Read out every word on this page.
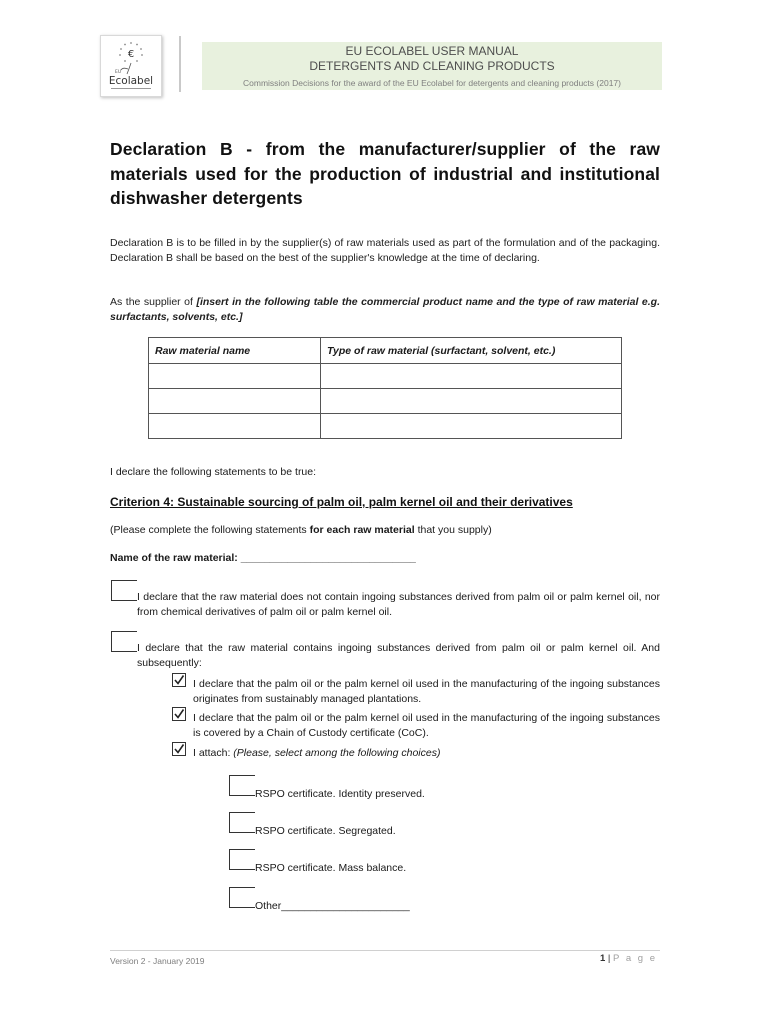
€
EU
Ecolabel
EU ECOLABEL USER MANUAL
DETERGENTS AND CLEANING PRODUCTS
Commission Decisions for the award of the EU Ecolabel for detergents and cleaning products (2017)
Declaration B - from the manufacturer/supplier of the raw materials used for the production of industrial and institutional dishwasher detergents
Declaration B is to be filled in by the supplier(s) of raw materials used as part of the formulation and of the packaging. Declaration B shall be based on the best of the supplier's knowledge at the time of declaring.
As the supplier of [insert in the following table the commercial product name and the type of raw material e.g. surfactants, solvents, etc.]
Raw material name	Type of raw material (surfactant, solvent, etc.)

I declare the following statements to be true:
Criterion 4: Sustainable sourcing of palm oil, palm kernel oil and their derivatives
(Please complete the following statements for each raw material that you supply)
Name of the raw material: ______________________________
I declare that the raw material does not contain ingoing substances derived from palm oil or palm kernel oil, nor from chemical derivatives of palm oil or palm kernel oil.
I declare that the raw material contains ingoing substances derived from palm oil or palm kernel oil. And subsequently:
I declare that the palm oil or the palm kernel oil used in the manufacturing of the ingoing substances originates from sustainably managed plantations.
I declare that the palm oil or the palm kernel oil used in the manufacturing of the ingoing substances is covered by a Chain of Custody certificate (CoC).
I attach: (Please, select among the following choices)
RSPO certificate. Identity preserved.
RSPO certificate. Segregated.
RSPO certificate. Mass balance.
Other______________________
Version 2 - January 2019	1 | P a g e
